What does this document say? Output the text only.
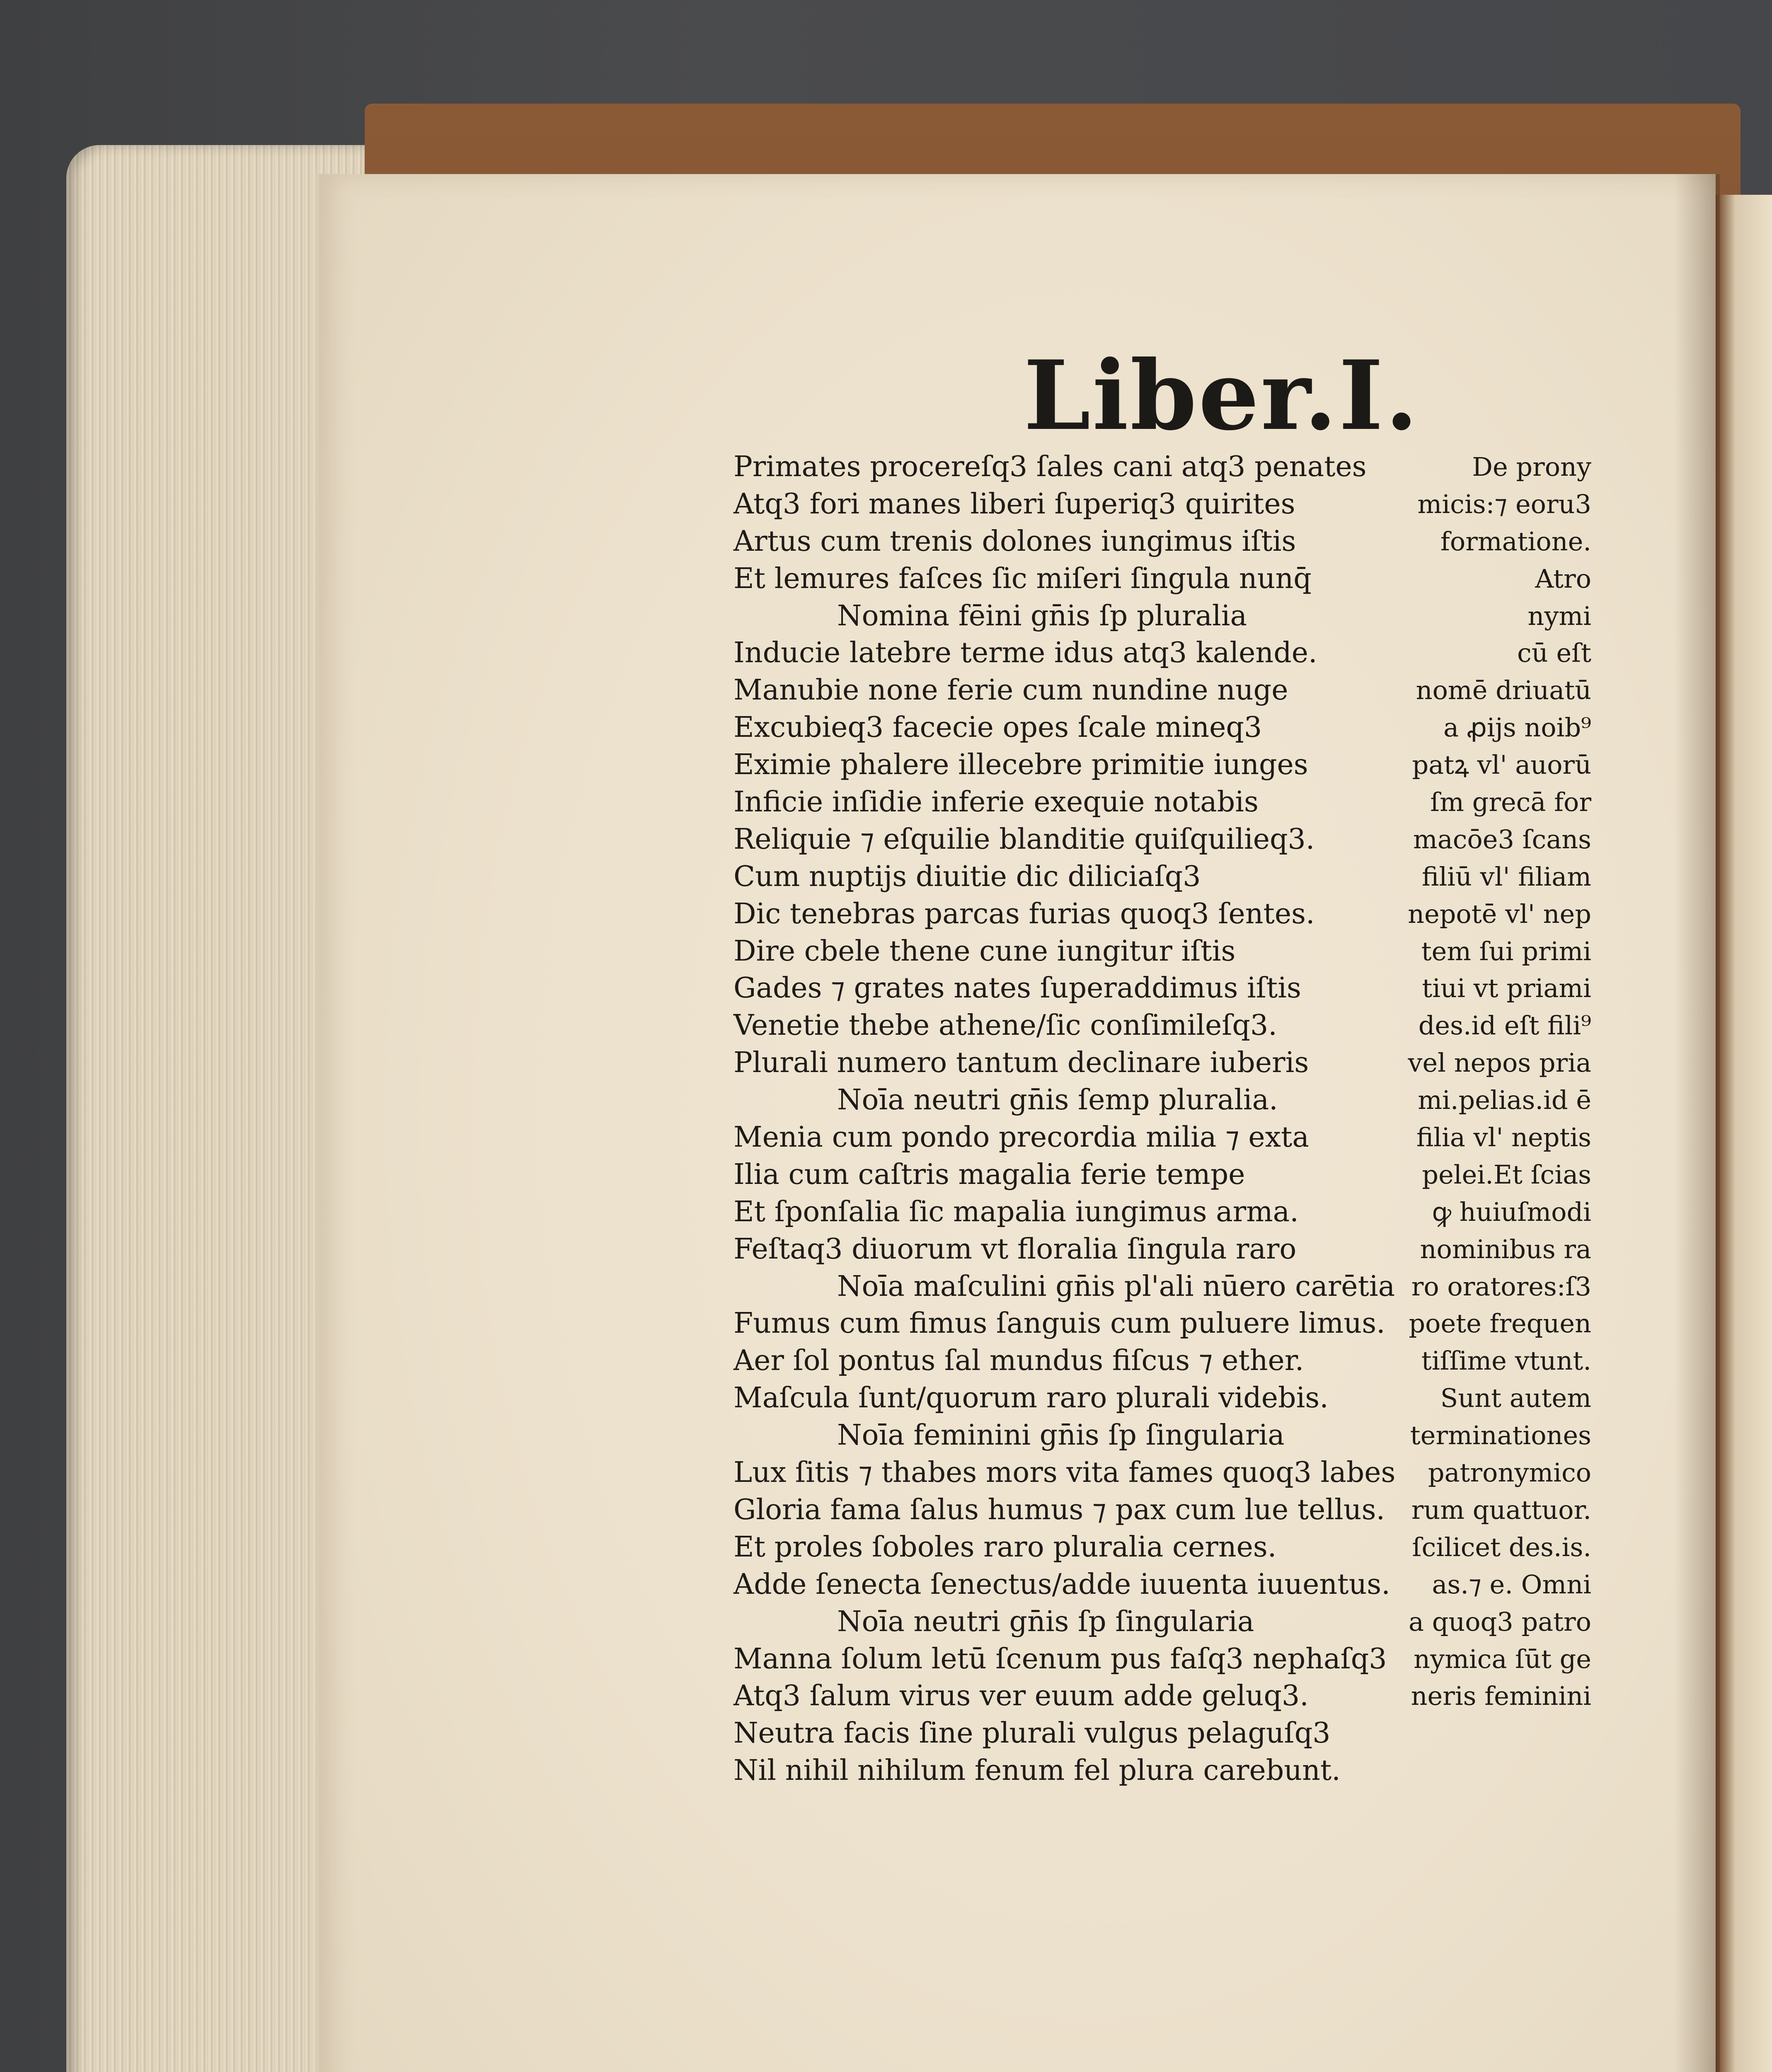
Liber.I.
Primates procereſq3 ſales cani atq3 penates
Atq3 fori manes liberi ſuperiq3 quirites
Artus cum trenis dolones iungimus iſtis
Et lemures faſces ſic miſeri ſingula nunq̄
Nomina fēini gn̄is ſp pluralia
Inducie latebre terme idus atq3 kalende.
Manubie none ferie cum nundine nuge
Excubieq3 facecie opes ſcale mineq3
Eximie phalere illecebre primitie iunges
Inficie inſidie inferie exequie notabis
Reliquie ⁊ eſquilie blanditie quiſquilieq3.
Cum nuptijs diuitie dic diliciaſq3
Dic tenebras parcas furias quoq3 ſentes.
Dire cbele thene cune iungitur iſtis
Gades ⁊ grates nates ſuperaddimus iſtis
Venetie thebe athene/ſic conſimileſq3.
Plurali numero tantum declinare iuberis
Noīa neutri gn̄is ſemp pluralia.
Menia cum pondo precordia milia ⁊ exta
Ilia cum caſtris magalia ferie tempe
Et ſponſalia ſic mapalia iungimus arma.
Feſtaq3 diuorum vt floralia ſingula raro
Noīa maſculini gn̄is pl'ali nūero carētia
Fumus cum fimus ſanguis cum puluere limus.
Aer ſol pontus ſal mundus fiſcus ⁊ ether.
Maſcula ſunt/quorum raro plurali videbis.
Noīa feminini gn̄is ſp ſingularia
Lux ſitis ⁊ thabes mors vita fames quoq3 labes
Gloria fama ſalus humus ⁊ pax cum lue tellus.
Et proles ſoboles raro pluralia cernes.
Adde ſenecta ſenectus/adde iuuenta iuuentus.
Noīa neutri gn̄is ſp ſingularia
Manna ſolum letū ſcenum pus faſq3 nephaſq3
Atq3 ſalum virus ver euum adde geluq3.
Neutra facis ſine plurali vulgus pelaguſq3
Nil nihil nihilum fenum fel plura carebunt.
De prony
micis:⁊ eoru3
formatione.
Atro
nymi
cū eſt
nomē driuatū
a ꝓijs noib⁹
patꝝ vl' auorū
ſm grecā for
macōe3 ſcans
filiū vl' filiam
nepotē vl' nep
tem ſui primi
tiui vt priami
des.id eſt fili⁹
vel nepos pria
mi.pelias.id ē
filia vl' neptis
pelei.Et ſcias
ꝙ huiuſmodi
nominibus ra
ro oratores:ſ3
poete frequen
tiſſime vtunt.
Sunt autem
terminationes
patronymico
rum quattuor.
ſcilicet des.is.
as.⁊ e. Omni
a quoq3 patro
nymica ſūt ge
neris feminini
